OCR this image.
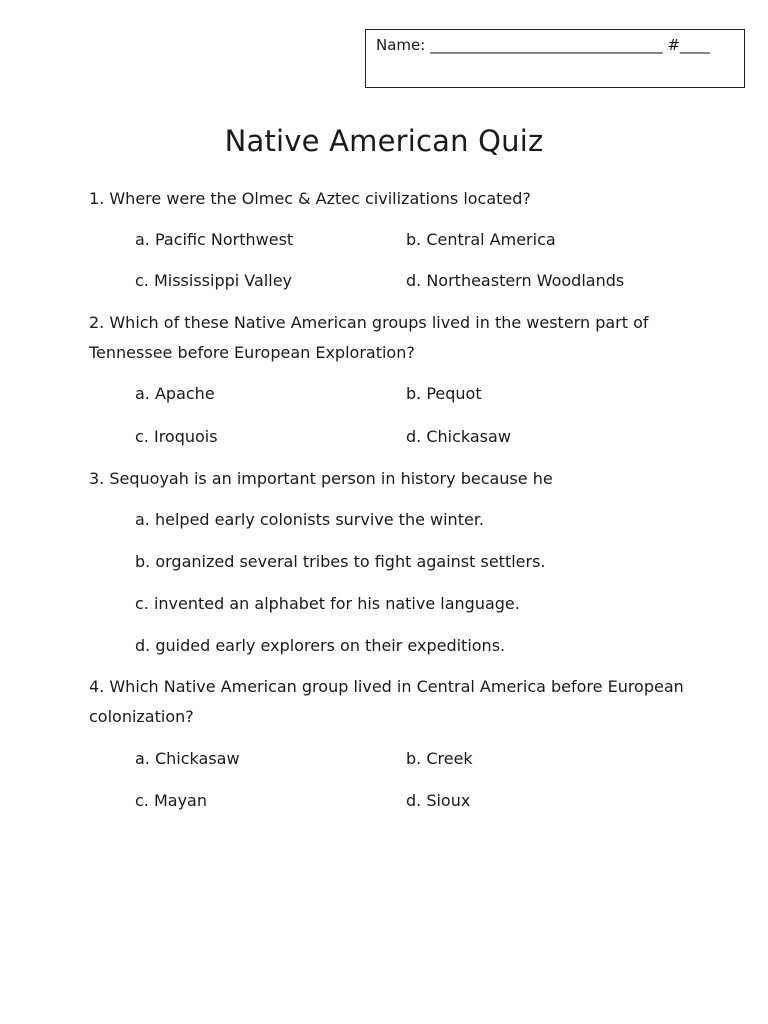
Name: _______________________________ #____
Native American Quiz

1. Where were the Olmec & Aztec civilizations located?

a. Pacific Northwest	b. Central America
c. Mississippi Valley	d. Northeastern Woodlands

2. Which of these Native American groups lived in the western part of Tennessee before European Exploration?

a. Apache	b. Pequot
c. Iroquois	d. Chickasaw

3. Sequoyah is an important person in history because he

a. helped early colonists survive the winter.
b. organized several tribes to fight against settlers.
c. invented an alphabet for his native language.
d. guided early explorers on their expeditions.

4. Which Native American group lived in Central America before European colonization?

a. Chickasaw	b. Creek
c. Mayan	d. Sioux
